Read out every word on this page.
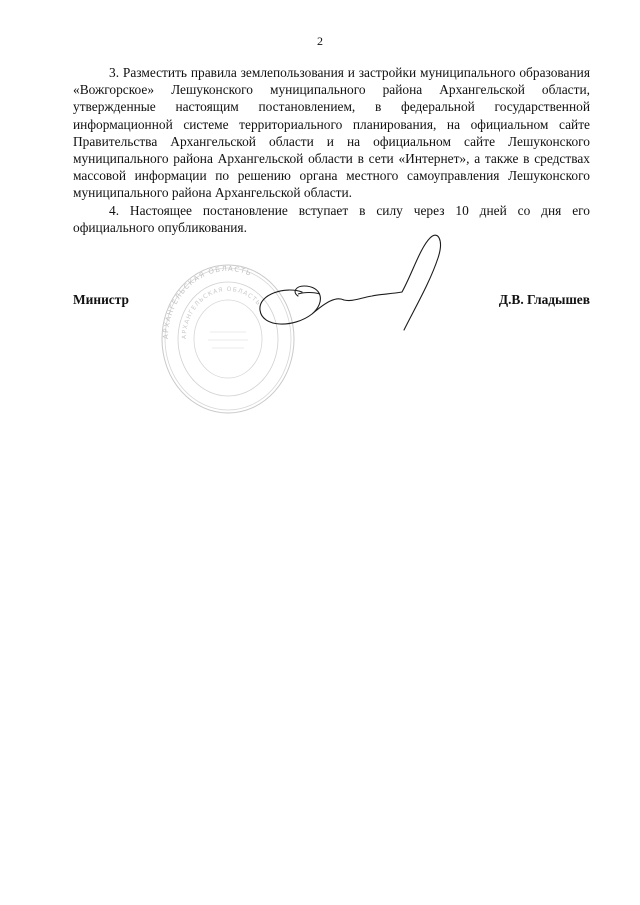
2

3. Разместить правила землепользования и застройки муниципального образования «Вожгорское» Лешуконского муниципального района Архангельской области, утвержденные настоящим постановлением, в федеральной государственной информационной системе территориального планирования, на официальном сайте Правительства Архангельской области и на официальном сайте Лешуконского муниципального района Архангельской области в сети «Интернет», а также в средствах массовой информации по решению органа местного самоуправления Лешуконского муниципального района Архангельской области.

4. Настоящее постановление вступает в силу через 10 дней со дня его официального опубликования.

АРХАНГЕЛЬСКАЯ ОБЛАСТЬ
АРХАНГЕЛЬСКАЯ ОБЛАСТЬ
Министр	Д.В. Гладышев
